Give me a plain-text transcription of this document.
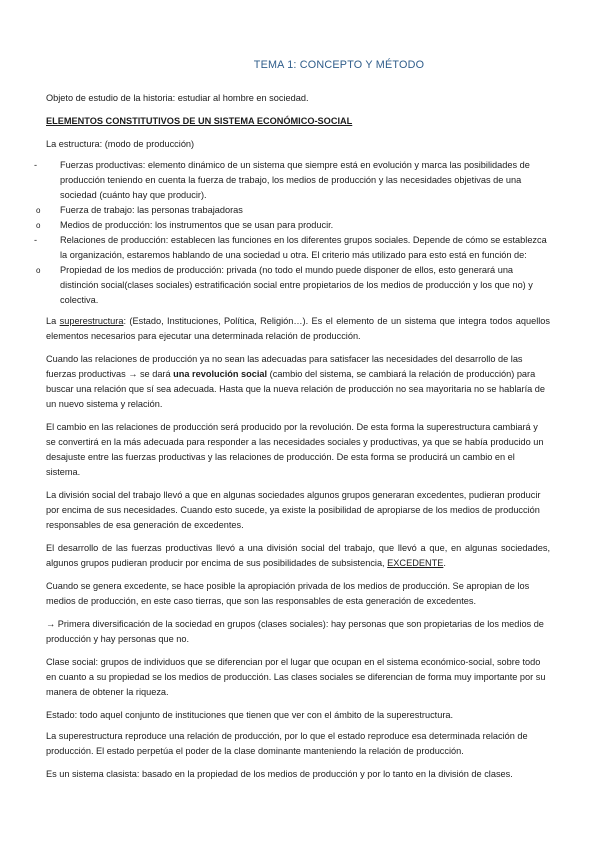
TEMA 1: CONCEPTO Y MÉTODO

Objeto de estudio de la historia: estudiar al hombre en sociedad.

ELEMENTOS CONSTITUTIVOS DE UN SISTEMA ECONÓMICO-SOCIAL

La estructura: (modo de producción)

- Fuerzas productivas: elemento dinámico de un sistema que siempre está en evolución y marca las posibilidades de producción teniendo en cuenta la fuerza de trabajo, los medios de producción y las necesidades objetivas de una sociedad (cuánto hay que producir).
o Fuerza de trabajo: las personas trabajadoras
o Medios de producción: los instrumentos que se usan para producir.
- Relaciones de producción: establecen las funciones en los diferentes grupos sociales. Depende de cómo se establezca la organización, estaremos hablando de una sociedad u otra. El criterio más utilizado para esto está en función de:
o Propiedad de los medios de producción: privada (no todo el mundo puede disponer de ellos, esto generará una distinción social(clases sociales) estratificación social entre propietarios de los medios de producción y los que no) y colectiva.

La superestructura: (Estado, Instituciones, Política, Religión…). Es el elemento de un sistema que integra todos aquellos elementos necesarios para ejecutar una determinada relación de producción.

Cuando las relaciones de producción ya no sean las adecuadas para satisfacer las necesidades del desarrollo de las fuerzas productivas → se dará una revolución social (cambio del sistema, se cambiará la relación de producción) para buscar una relación que sí sea adecuada. Hasta que la nueva relación de producción no sea mayoritaria no se hablaría de un nuevo sistema y relación.

El cambio en las relaciones de producción será producido por la revolución. De esta forma la superestructura cambiará y se convertirá en la más adecuada para responder a las necesidades sociales y productivas, ya que se había producido un desajuste entre las fuerzas productivas y las relaciones de producción. De esta forma se producirá un cambio en el sistema.

La división social del trabajo llevó a que en algunas sociedades algunos grupos generaran excedentes, pudieran producir por encima de sus necesidades. Cuando esto sucede, ya existe la posibilidad de apropiarse de los medios de producción responsables de esa generación de excedentes.

El desarrollo de las fuerzas productivas llevó a una división social del trabajo, que llevó a que, en algunas sociedades, algunos grupos pudieran producir por encima de sus posibilidades de subsistencia, EXCEDENTE.

Cuando se genera excedente, se hace posible la apropiación privada de los medios de producción. Se apropian de los medios de producción, en este caso tierras, que son las responsables de esta generación de excedentes.

→ Primera diversificación de la sociedad en grupos (clases sociales): hay personas que son propietarias de los medios de producción y hay personas que no.

Clase social: grupos de individuos que se diferencian por el lugar que ocupan en el sistema económico-social, sobre todo en cuanto a su propiedad se los medios de producción. Las clases sociales se diferencian de forma muy importante por su manera de obtener la riqueza.

Estado: todo aquel conjunto de instituciones que tienen que ver con el ámbito de la superestructura.

La superestructura reproduce una relación de producción, por lo que el estado reproduce esa determinada relación de producción. El estado perpetúa el poder de la clase dominante manteniendo la relación de producción.

Es un sistema clasista: basado en la propiedad de los medios de producción y por lo tanto en la división de clases.
